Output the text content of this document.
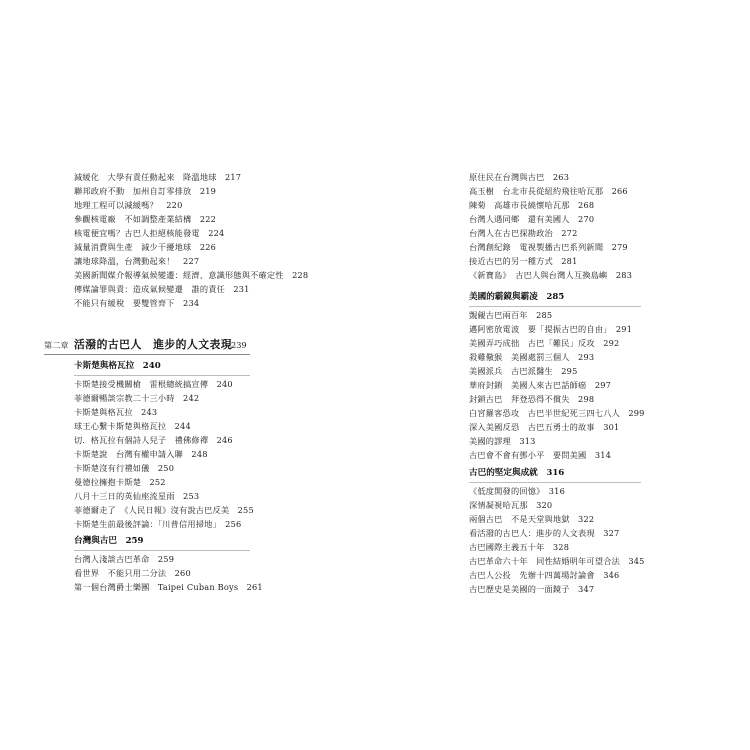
減緩化　大學有責任動起來　降溫地球　217
聯邦政府不動　加州自訂零排放　219
地理工程可以減緩嗎？　220
參觀核電廠　不如調整產業結構　222
核電便宜嗎？古巴人拒絕核能發電　224
減量消費與生產　減少干擾地球　226
讓地球降溫，台灣動起來！　227
美國新聞媒介報導氣候變遷：經濟、意識形態與不確定性　228
傳媒論罪與責：造成氣候變遷　誰的責任　231
不能只有緩稅　要雙管齊下　234
第二章 活潑的古巴人　進步的人文表現
239
卡斯楚與格瓦拉　240
卡斯楚接受機關槍　雷根總統搞宣傳　240
菲德爾暢談宗教二十三小時　242
卡斯楚與格瓦拉　243
球王心繫卡斯楚與格瓦拉　244
切．格瓦拉有個詩人兒子　禮佛修禪　246
卡斯楚說　台灣有權申請入聯　248
卡斯楚沒有行禮如儀　250
曼德拉擁抱卡斯楚　252
八月十三日的英仙座流星雨　253
菲德爾走了　《人民日報》沒有說古巴反美　255
卡斯楚生前最後評論：「川普信用掃地」　256
台灣與古巴　259
台灣人淺談古巴革命　259
看世界　不能只用二分法　260
第一個台灣爵士樂團　Taipei Cuban Boys　261
原住民在台灣與古巴　263
高玉樹　台北市長從紐約飛往哈瓦那　266
陳菊　高雄市長繞懷哈瓦那　268
台灣人遇同鄉　還有美國人　270
台灣人在古巴探勘政治　272
台灣創紀錄　電視製播古巴系列新聞　279
接近古巴的另一種方式　281
《新寶島》　古巴人與台灣人互換島嶼　283
美國的霸鏡與霸凌　285
覬覦古巴兩百年　285
邁阿密放電波　要「提振古巴的自由」　291
美國弄巧成拙　古巴「難民」反攻　292
殺雞儆猴　美國處罰三個人　293
美國派兵　古巴派醫生　295
華府封鎖　美國人來古巴話師癌　297
封鎖古巴　拜登恐得不償失　298
白宮羅客恐攻　古巴半世紀死三四七八人　299
深入美國反恐　古巴五勇士的故事　301
美國的謬理　313
古巴會不會有鄧小平　要問美國　314
古巴的堅定與成就　316
《低度開發的回憶》　316
深情凝視哈瓦那　320
兩個古巴　不是天堂與地獄　322
看活潑的古巴人：進步的人文表現　327
古巴國際主義五十年　328
古巴革命六十年　同性結婚明年可望合法　345
古巴人公投　先辦十四萬場討論會　346
古巴歷史是美國的一面鏡子　347
